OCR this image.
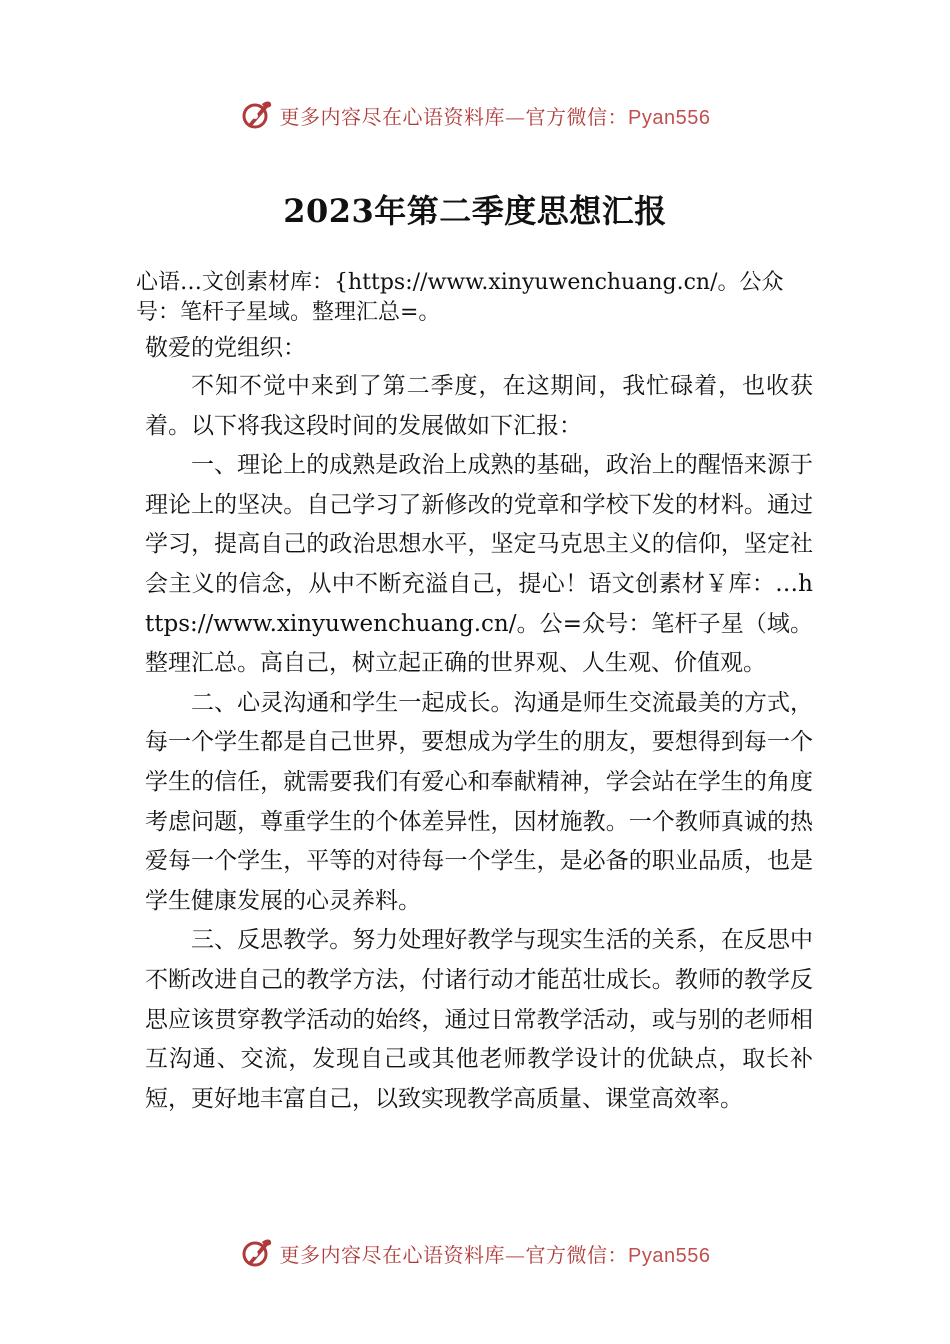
更多内容尽在心语资料库—官方微信：Pyan556
2023年第二季度思想汇报
心语…文创素材库：{https://www.xinyuwenchuang.cn/。公众号：笔杆子星域。整理汇总=。
敬爱的党组织：

不知不觉中来到了第二季度，在这期间，我忙碌着，也收获着。以下将我这段时间的发展做如下汇报：

一、理论上的成熟是政治上成熟的基础，政治上的醒悟来源于理论上的坚决。自己学习了新修改的党章和学校下发的材料。通过学习，提高自己的政治思想水平，坚定马克思主义的信仰，坚定社会主义的信念，从中不断充溢自己，提心！语文创素材￥库：…https://www.xinyuwenchuang.cn/。公=众号：笔杆子星（域。整理汇总。高自己，树立起正确的世界观、人生观、价值观。

二、心灵沟通和学生一起成长。沟通是师生交流最美的方式，每一个学生都是自己世界，要想成为学生的朋友，要想得到每一个学生的信任，就需要我们有爱心和奉献精神，学会站在学生的角度考虑问题，尊重学生的个体差异性，因材施教。一个教师真诚的热爱每一个学生，平等的对待每一个学生，是必备的职业品质，也是学生健康发展的心灵养料。

三、反思教学。努力处理好教学与现实生活的关系，在反思中不断改进自己的教学方法，付诸行动才能茁壮成长。教师的教学反思应该贯穿教学活动的始终，通过日常教学活动，或与别的老师相互沟通、交流，发现自己或其他老师教学设计的优缺点，取长补短，更好地丰富自己，以致实现教学高质量、课堂高效率。

更多内容尽在心语资料库—官方微信：Pyan556
